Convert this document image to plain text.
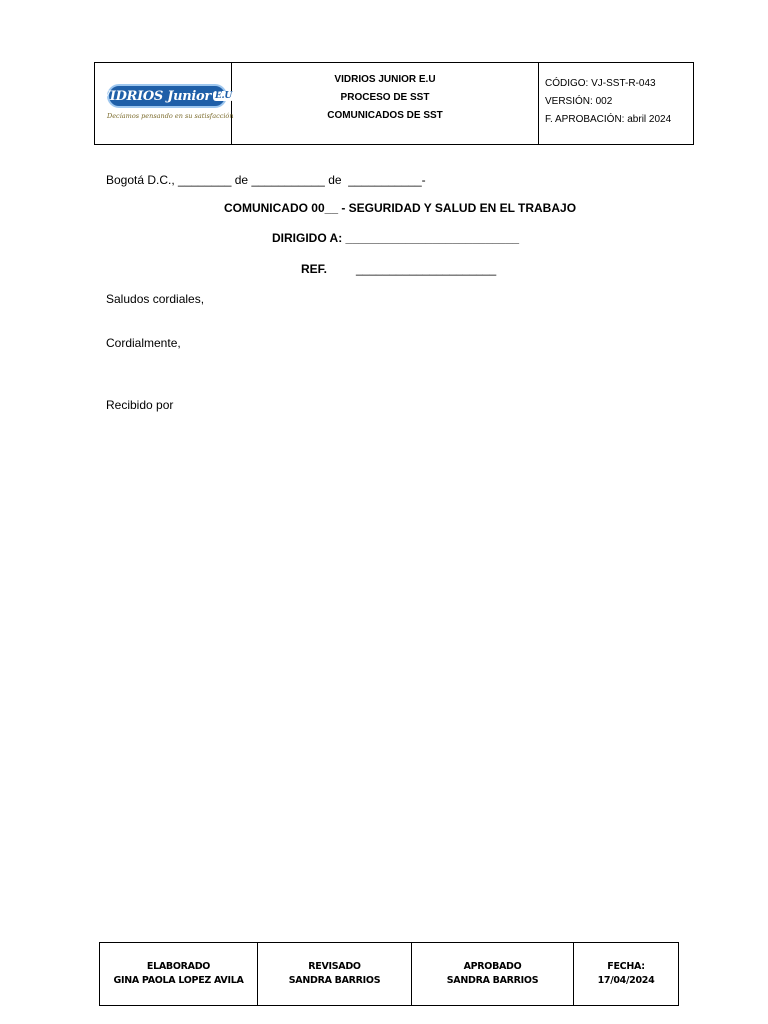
VIDRIOS Junior E.U
Decíamos pensando en su satisfacción
VIDRIOS JUNIOR E.U
PROCESO DE SST
COMUNICADOS DE SST
CÓDIGO: VJ-SST-R-043
VERSIÓN: 002
F. APROBACIÓN: abril 2024
Bogotá D.C., ________ de ___________ de  ___________-
COMUNICADO 00__ - SEGURIDAD Y SALUD EN EL TRABAJO
DIRIGIDO A: __________________________
REF. _____________________
Saludos cordiales,
Cordialmente,
Recibido por
ELABORADO
GINA PAOLA LOPEZ AVILA
REVISADO
SANDRA BARRIOS
APROBADO
SANDRA BARRIOS
FECHA:
17/04/2024
